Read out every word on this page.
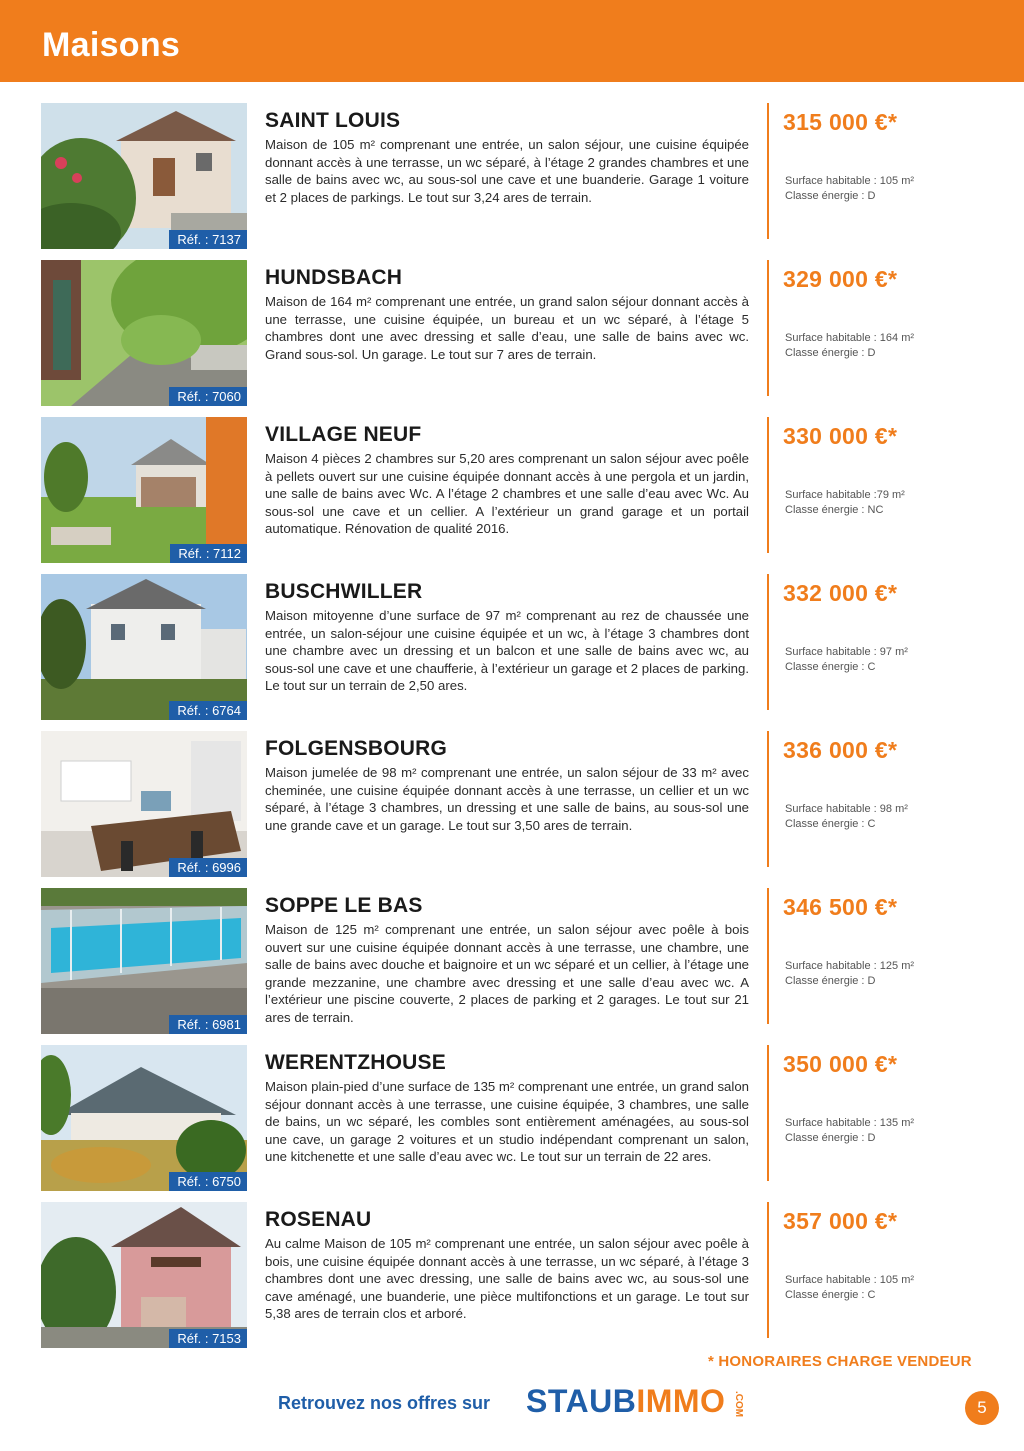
Maisons
Réf. : 7137
SAINT LOUIS
Maison de 105 m² comprenant une entrée, un salon séjour, une cuisine équipée donnant accès à une terrasse, un wc séparé, à l’étage 2 grandes chambres et une salle de bains avec wc, au sous-sol une cave et une buanderie. Garage 1 voiture et 2 places de parkings. Le tout sur 3,24 ares de terrain.
315 000 €*
Surface habitable : 105 m²
Classe énergie : D
Réf. : 7060
HUNDSBACH
Maison de 164 m² comprenant une entrée, un grand salon séjour donnant accès à une terrasse, une cuisine équipée, un bureau et un wc séparé, à l’étage 5 chambres dont une avec dressing et salle d’eau, une salle de bains avec wc. Grand sous-sol. Un garage. Le tout sur 7 ares de terrain.
329 000 €*
Surface habitable : 164 m²
Classe énergie : D
Réf. : 7112
VILLAGE NEUF
Maison 4 pièces 2 chambres sur 5,20 ares comprenant un salon séjour avec poêle à pellets ouvert sur une cuisine équipée donnant accès à une pergola et un jardin, une salle de bains avec Wc. A l’étage 2 chambres et une salle d’eau avec Wc. Au sous-sol une cave et un cellier. A l’extérieur un grand garage et un portail automatique. Rénovation de qualité 2016.
330 000 €*
Surface habitable :79 m²
Classe énergie : NC
Réf. : 6764
BUSCHWILLER
Maison mitoyenne d’une surface de 97 m² comprenant au rez de chaussée une entrée, un salon-séjour une cuisine équipée et un wc, à l’étage 3 chambres dont une chambre avec un dressing et un balcon et une salle de bains avec wc, au sous-sol une cave et une chaufferie, à l’extérieur un garage et 2 places de parking. Le tout sur un terrain de 2,50 ares.
332 000 €*
Surface habitable : 97 m²
Classe énergie : C
Réf. : 6996
FOLGENSBOURG
Maison jumelée de 98 m² comprenant une entrée, un salon séjour de 33 m² avec cheminée, une cuisine équipée donnant accès à une terrasse, un cellier et un wc séparé, à l’étage 3 chambres, un dressing et une salle de bains, au sous-sol une une grande cave et un garage. Le tout sur 3,50 ares de terrain.
336 000 €*
Surface habitable : 98 m²
Classe énergie : C
Réf. : 6981
SOPPE LE BAS
Maison de 125 m² comprenant une entrée, un salon séjour avec poêle à bois ouvert sur une cuisine équipée donnant accès à une terrasse, une chambre, une salle de bains avec douche et baignoire et un wc séparé et un cellier, à l’étage une grande mezzanine, une chambre avec dressing et une salle d’eau avec wc. A l’extérieur une piscine couverte, 2 places de parking et 2 garages. Le tout sur 21 ares de terrain.
346 500 €*
Surface habitable : 125 m²
Classe énergie : D
Réf. : 6750
WERENTZHOUSE
Maison plain-pied d’une surface de 135 m² comprenant une entrée, un grand salon séjour donnant accès à une terrasse, une cuisine équipée, 3 chambres, une salle de bains, un wc séparé, les combles sont entièrement aménagées, au sous-sol une cave, un garage 2 voitures et un studio indépendant comprenant un salon, une kitchenette et une salle d’eau avec wc. Le tout sur un terrain de 22 ares.
350 000 €*
Surface habitable : 135 m²
Classe énergie : D
Réf. : 7153
ROSENAU
Au calme Maison de 105 m² comprenant une entrée, un salon séjour avec poêle à bois, une cuisine équipée donnant accès à une terrasse, un wc séparé, à l’étage 3 chambres dont une avec dressing, une salle de bains avec wc, au sous-sol une cave aménagé, une buanderie, une pièce multifonctions et un garage. Le tout sur 5,38 ares de terrain clos et arboré.
357 000 €*
Surface habitable : 105 m²
Classe énergie : C
* HONORAIRES CHARGE VENDEUR
Retrouvez nos offres sur STAUBIMMO .COM	5
